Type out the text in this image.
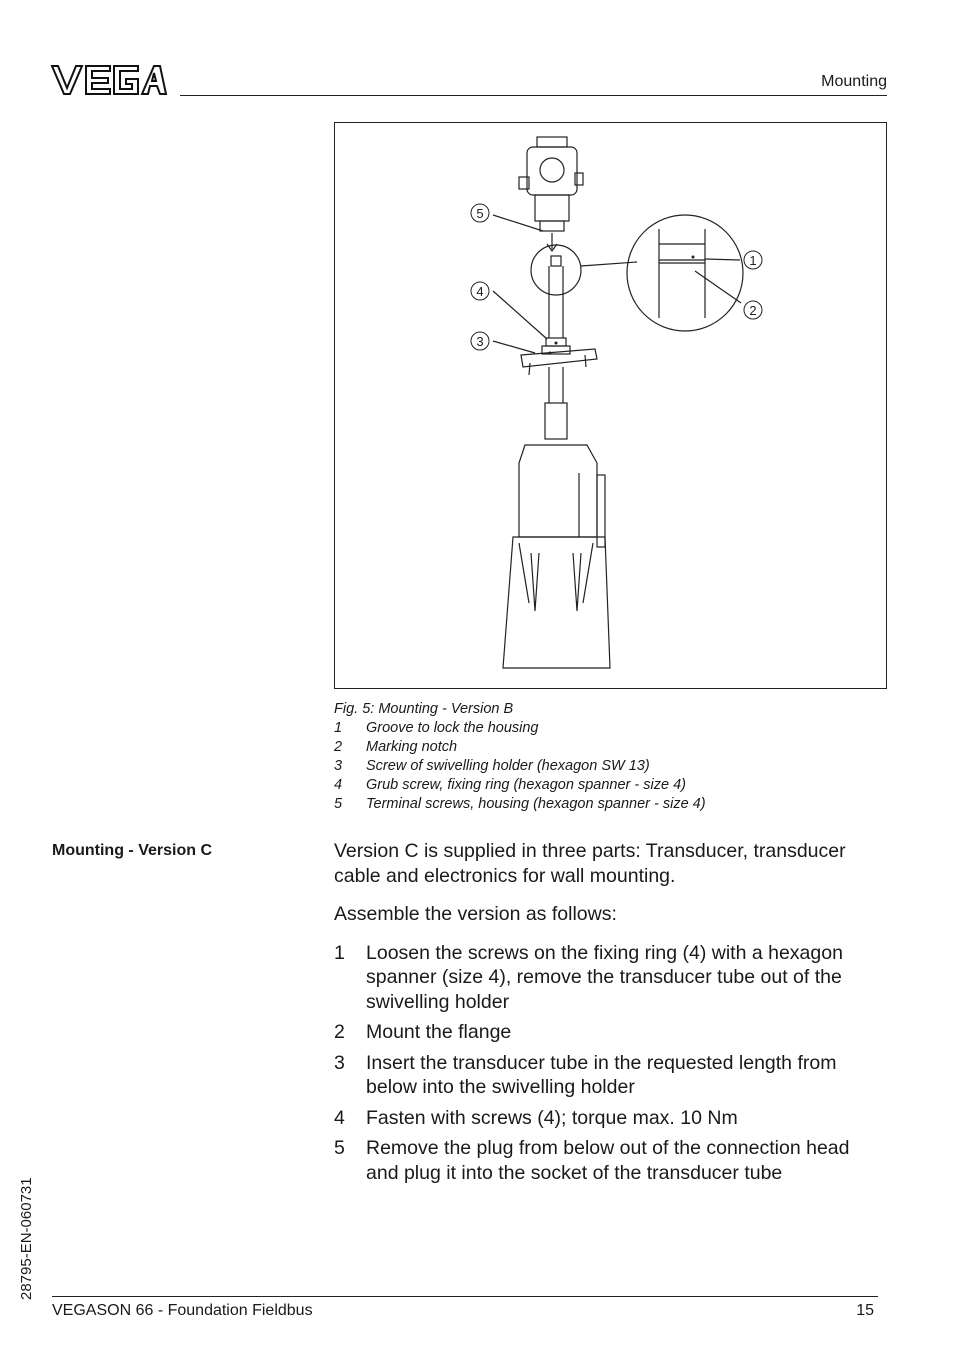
Mounting
5
4
3
1
2
Fig. 5: Mounting - Version B
1	Groove to lock the housing
2	Marking notch
3	Screw of swivelling holder (hexagon SW 13)
4	Grub screw, fixing ring (hexagon spanner - size 4)
5	Terminal screws, housing (hexagon spanner - size 4)
Mounting - Version C	Version C is supplied in three parts: Transducer, transducer cable and electronics for wall mounting.

Assemble the version as follows:

1	Loosen the screws on the fixing ring (4) with a hexagon spanner (size 4), remove the transducer tube out of the swivelling holder
2	Mount the flange
3	Insert the transducer tube in the requested length from below into the swivelling holder
4	Fasten with screws (4); torque max. 10 Nm
5	Remove the plug from below out of the connection head and plug it into the socket of the transducer tube
28795-EN-060731
VEGASON 66 - Foundation Fieldbus	15
